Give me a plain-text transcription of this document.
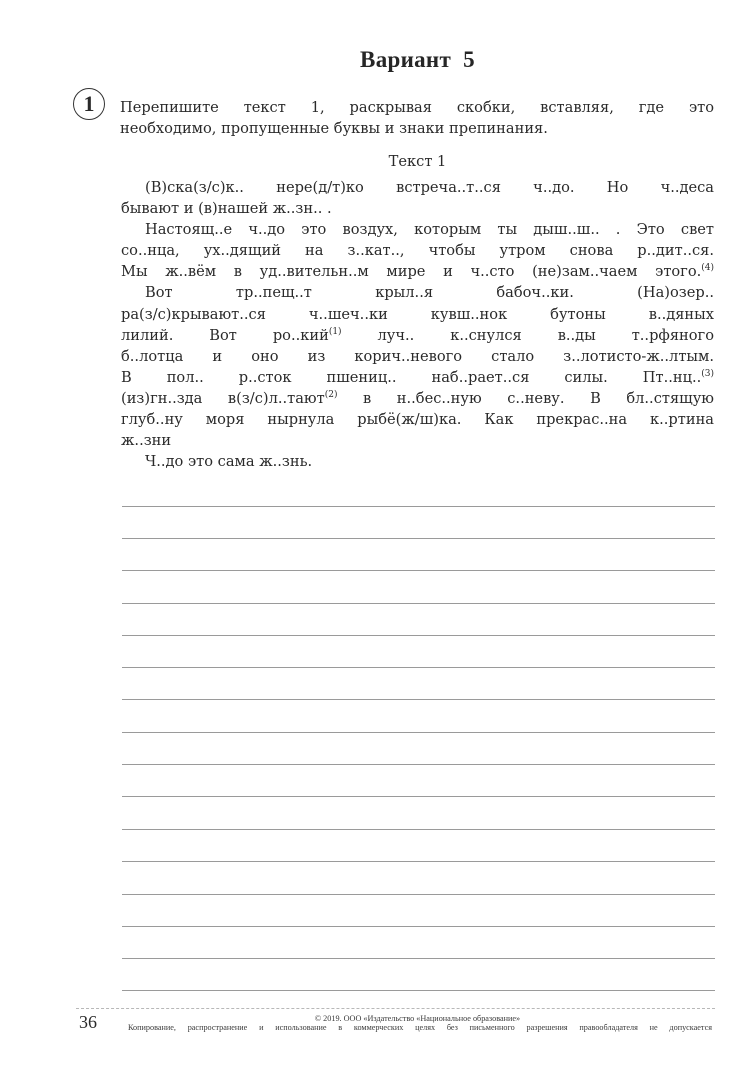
Вариант 5
1 Перепишите текст 1, раскрывая скобки, вставляя, где это
необходимо, пропущенные буквы и знаки препинания.
Текст 1
(В)ска(з/с)к.. нере(д/т)ко встреча..т..ся ч..до. Но ч..деса
бывают и (в)нашей ж..зн.. .
Настоящ..е ч..до это воздух, которым ты дыш..ш.. . Это свет
со..нца, ух..дящий на з..кат.., чтобы утром снова р..дит..ся.
Мы ж..вём в уд..вительн..м мире и ч..сто (не)зам..чаем этого.$^{(4)}$
Вот	тр..пещ..т	крыл..я	бабоч..ки.	(На)озер..
ра(з/с)крывают..ся ч..шеч..ки кувш..нок бутоны в..дяных
лилий. Вот ро..кий$^{(1)}$ луч.. к..снулся в..ды т..рфяного
б..лотца и оно из корич..невого стало з..лотисто-ж..лтым.
В пол.. р..сток пшениц.. наб..рает..ся силы. Пт..нц..$^{(3)}$
(из)гн..зда в(з/с)л..тают$^{(2)}$ в н..бес..ную с..неву. В бл..стящую
глуб..ну моря нырнула рыбё(ж/ш)ка. Как прекрас..на к..ртина
ж..зни
Ч..до это сама ж..знь.
36	© 2019. ООО «Издательство «Национальное образование»
Копирование, распространение и использование в коммерческих целях без письменного разрешения правообладателя не допускается
